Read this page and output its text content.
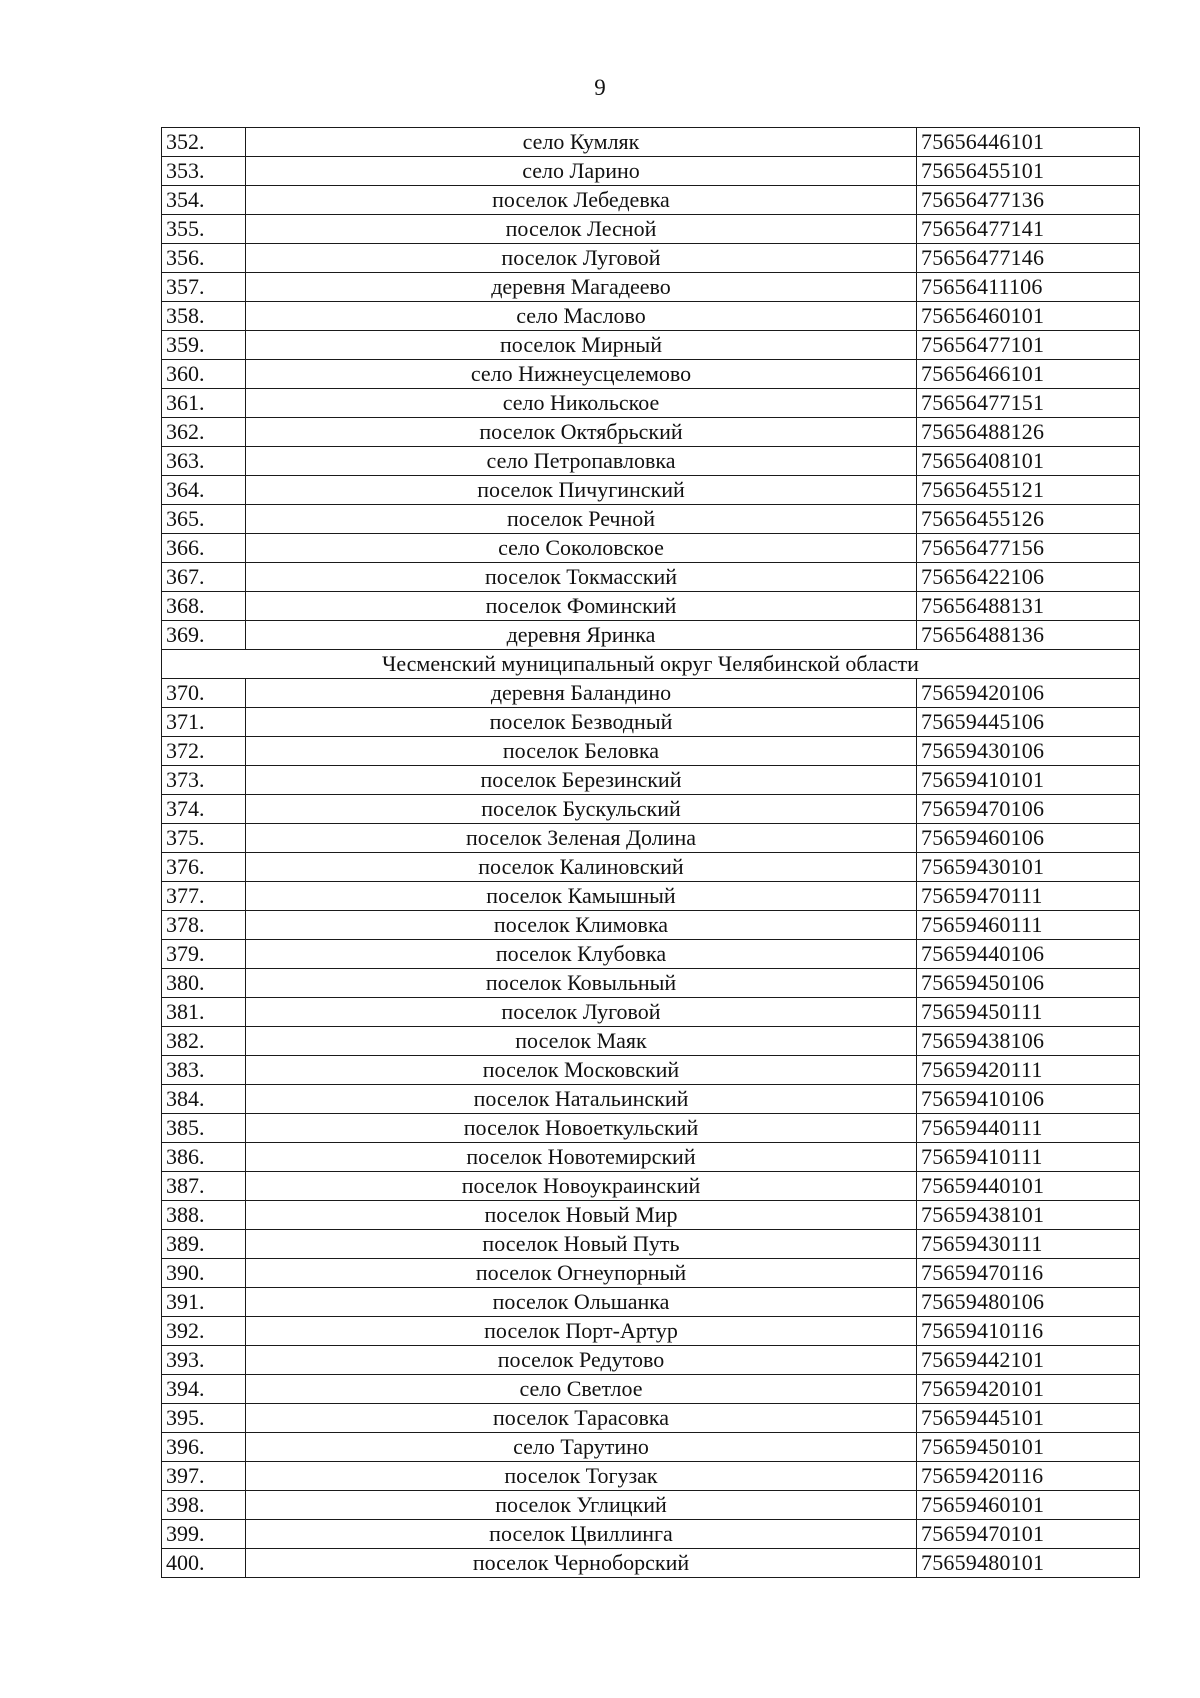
9
352.	село Кумляк	75656446101
353.	село Ларино	75656455101
354.	поселок Лебедевка	75656477136
355.	поселок Лесной	75656477141
356.	поселок Луговой	75656477146
357.	деревня Магадеево	75656411106
358.	село Маслово	75656460101
359.	поселок Мирный	75656477101
360.	село Нижнеусцелемово	75656466101
361.	село Никольское	75656477151
362.	поселок Октябрьский	75656488126
363.	село Петропавловка	75656408101
364.	поселок Пичугинский	75656455121
365.	поселок Речной	75656455126
366.	село Соколовское	75656477156
367.	поселок Токмасский	75656422106
368.	поселок Фоминский	75656488131
369.	деревня Яринка	75656488136
Чесменский муниципальный округ Челябинской области		
370.	деревня Баландино	75659420106
371.	поселок Безводный	75659445106
372.	поселок Беловка	75659430106
373.	поселок Березинский	75659410101
374.	поселок Бускульский	75659470106
375.	поселок Зеленая Долина	75659460106
376.	поселок Калиновский	75659430101
377.	поселок Камышный	75659470111
378.	поселок Климовка	75659460111
379.	поселок Клубовка	75659440106
380.	поселок Ковыльный	75659450106
381.	поселок Луговой	75659450111
382.	поселок Маяк	75659438106
383.	поселок Московский	75659420111
384.	поселок Натальинский	75659410106
385.	поселок Новоеткульский	75659440111
386.	поселок Новотемирский	75659410111
387.	поселок Новоукраинский	75659440101
388.	поселок Новый Мир	75659438101
389.	поселок Новый Путь	75659430111
390.	поселок Огнеупорный	75659470116
391.	поселок Ольшанка	75659480106
392.	поселок Порт-Артур	75659410116
393.	поселок Редутово	75659442101
394.	село Светлое	75659420101
395.	поселок Тарасовка	75659445101
396.	село Тарутино	75659450101
397.	поселок Тогузак	75659420116
398.	поселок Углицкий	75659460101
399.	поселок Цвиллинга	75659470101
400.	поселок Черноборский	75659480101
